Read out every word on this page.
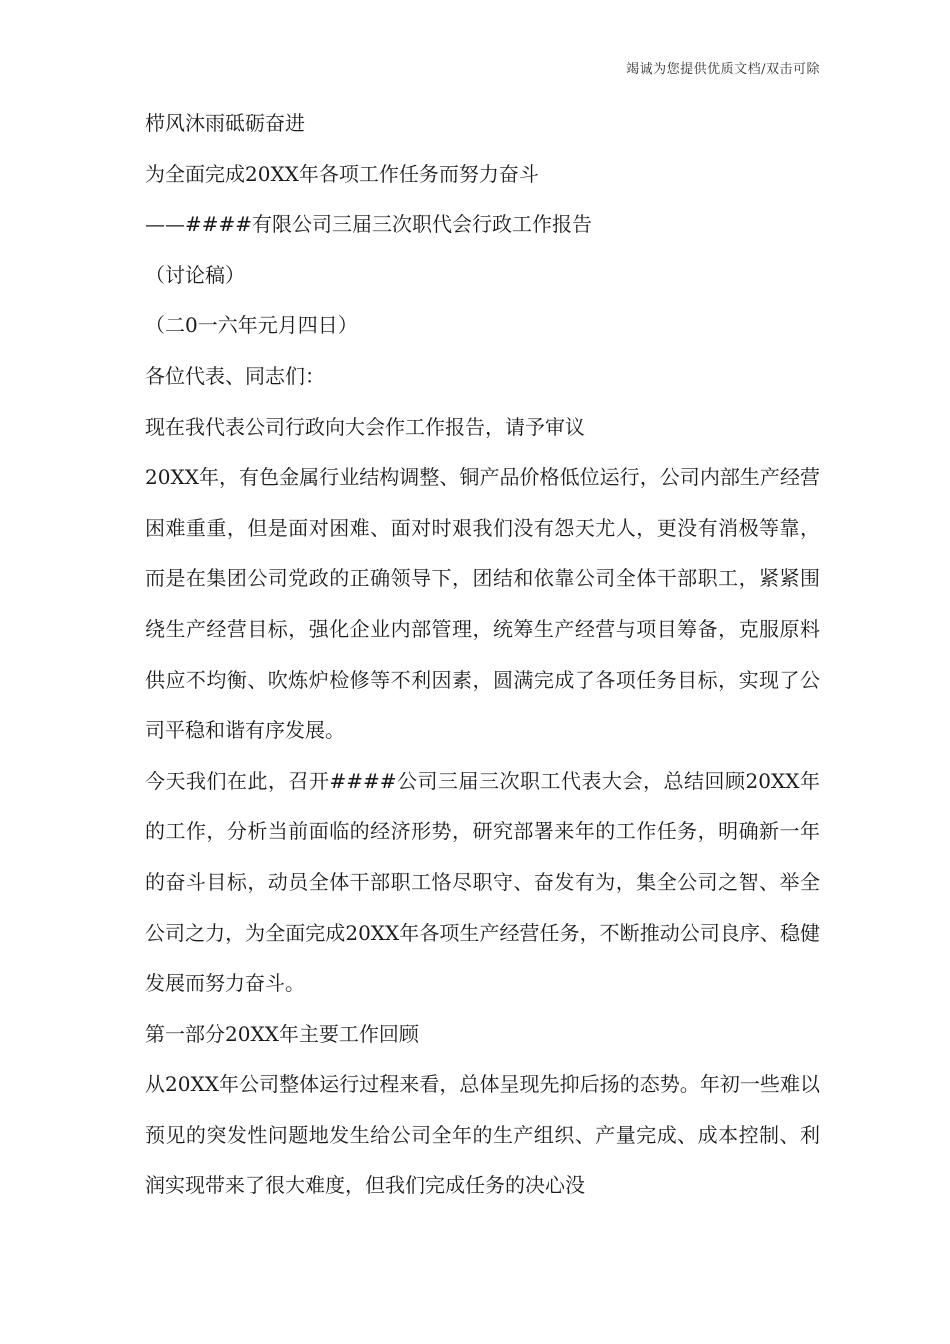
竭诚为您提供优质文档/双击可除

栉风沐雨砥砺奋进

为全面完成20XX年各项工作任务而努力奋斗

——####有限公司三届三次职代会行政工作报告

（讨论稿）

（二0一六年元月四日）

各位代表、同志们：

现在我代表公司行政向大会作工作报告，请予审议

20XX年，有色金属行业结构调整、铜产品价格低位运行，公司内部生产经营困难重重，但是面对困难、面对时艰我们没有怨天尤人，更没有消极等靠，而是在集团公司党政的正确领导下，团结和依靠公司全体干部职工，紧紧围绕生产经营目标，强化企业内部管理，统筹生产经营与项目筹备，克服原料供应不均衡、吹炼炉检修等不利因素，圆满完成了各项任务目标，实现了公司平稳和谐有序发展。

今天我们在此，召开####公司三届三次职工代表大会，总结回顾20XX年的工作，分析当前面临的经济形势，研究部署来年的工作任务，明确新一年的奋斗目标，动员全体干部职工恪尽职守、奋发有为，集全公司之智、举全公司之力，为全面完成20XX年各项生产经营任务，不断推动公司良序、稳健发展而努力奋斗。

第一部分20XX年主要工作回顾

从20XX年公司整体运行过程来看，总体呈现先抑后扬的态势。年初一些难以预见的突发性问题地发生给公司全年的生产组织、产量完成、成本控制、利润实现带来了很大难度，但我们完成任务的决心没
